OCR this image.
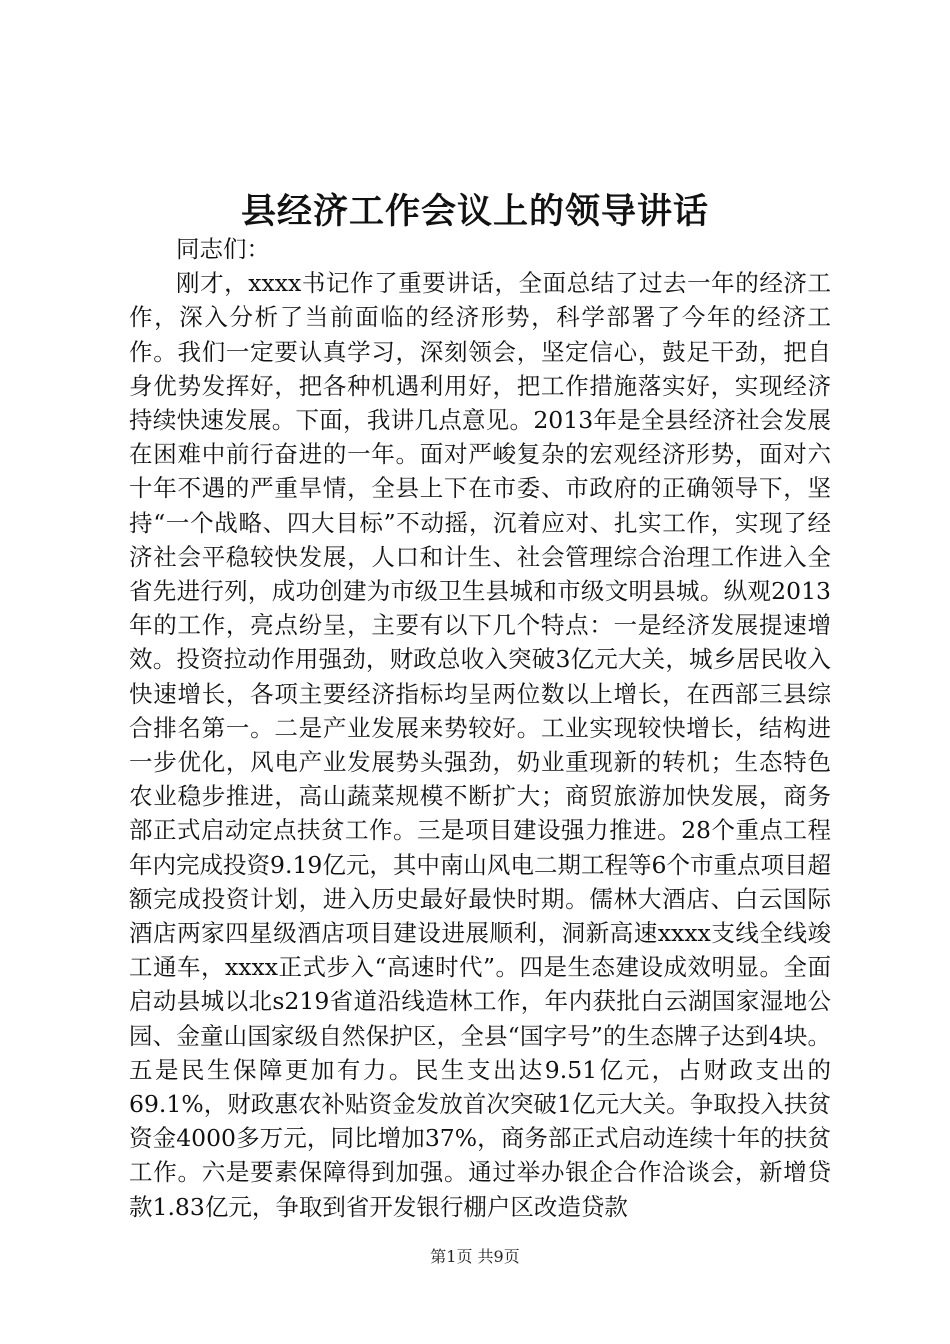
县经济工作会议上的领导讲话

同志们：

刚才，xxxx书记作了重要讲话，全面总结了过去一年的经济工作，深入分析了当前面临的经济形势，科学部署了今年的经济工作。我们一定要认真学习，深刻领会，坚定信心，鼓足干劲，把自身优势发挥好，把各种机遇利用好，把工作措施落实好，实现经济持续快速发展。下面，我讲几点意见。2013年是全县经济社会发展在困难中前行奋进的一年。面对严峻复杂的宏观经济形势，面对六十年不遇的严重旱情，全县上下在市委、市政府的正确领导下，坚持“一个战略、四大目标”不动摇，沉着应对、扎实工作，实现了经济社会平稳较快发展，人口和计生、社会管理综合治理工作进入全省先进行列，成功创建为市级卫生县城和市级文明县城。纵观2013年的工作，亮点纷呈，主要有以下几个特点：一是经济发展提速增效。投资拉动作用强劲，财政总收入突破3亿元大关，城乡居民收入快速增长，各项主要经济指标均呈两位数以上增长，在西部三县综合排名第一。二是产业发展来势较好。工业实现较快增长，结构进一步优化，风电产业发展势头强劲，奶业重现新的转机；生态特色农业稳步推进，高山蔬菜规模不断扩大；商贸旅游加快发展，商务部正式启动定点扶贫工作。三是项目建设强力推进。28个重点工程年内完成投资9.19亿元，其中南山风电二期工程等6个市重点项目超额完成投资计划，进入历史最好最快时期。儒林大酒店、白云国际酒店两家四星级酒店项目建设进展顺利，洞新高速xxxx支线全线竣工通车，xxxx正式步入“高速时代”。四是生态建设成效明显。全面启动县城以北s219省道沿线造林工作，年内获批白云湖国家湿地公园、金童山国家级自然保护区，全县“国字号”的生态牌子达到4块。五是民生保障更加有力。民生支出达9.51亿元，占财政支出的69.1%，财政惠农补贴资金发放首次突破1亿元大关。争取投入扶贫资金4000多万元，同比增加37%，商务部正式启动连续十年的扶贫工作。六是要素保障得到加强。通过举办银企合作洽谈会，新增贷款1.83亿元，争取到省开发银行棚户区改造贷款

第1页 共9页
